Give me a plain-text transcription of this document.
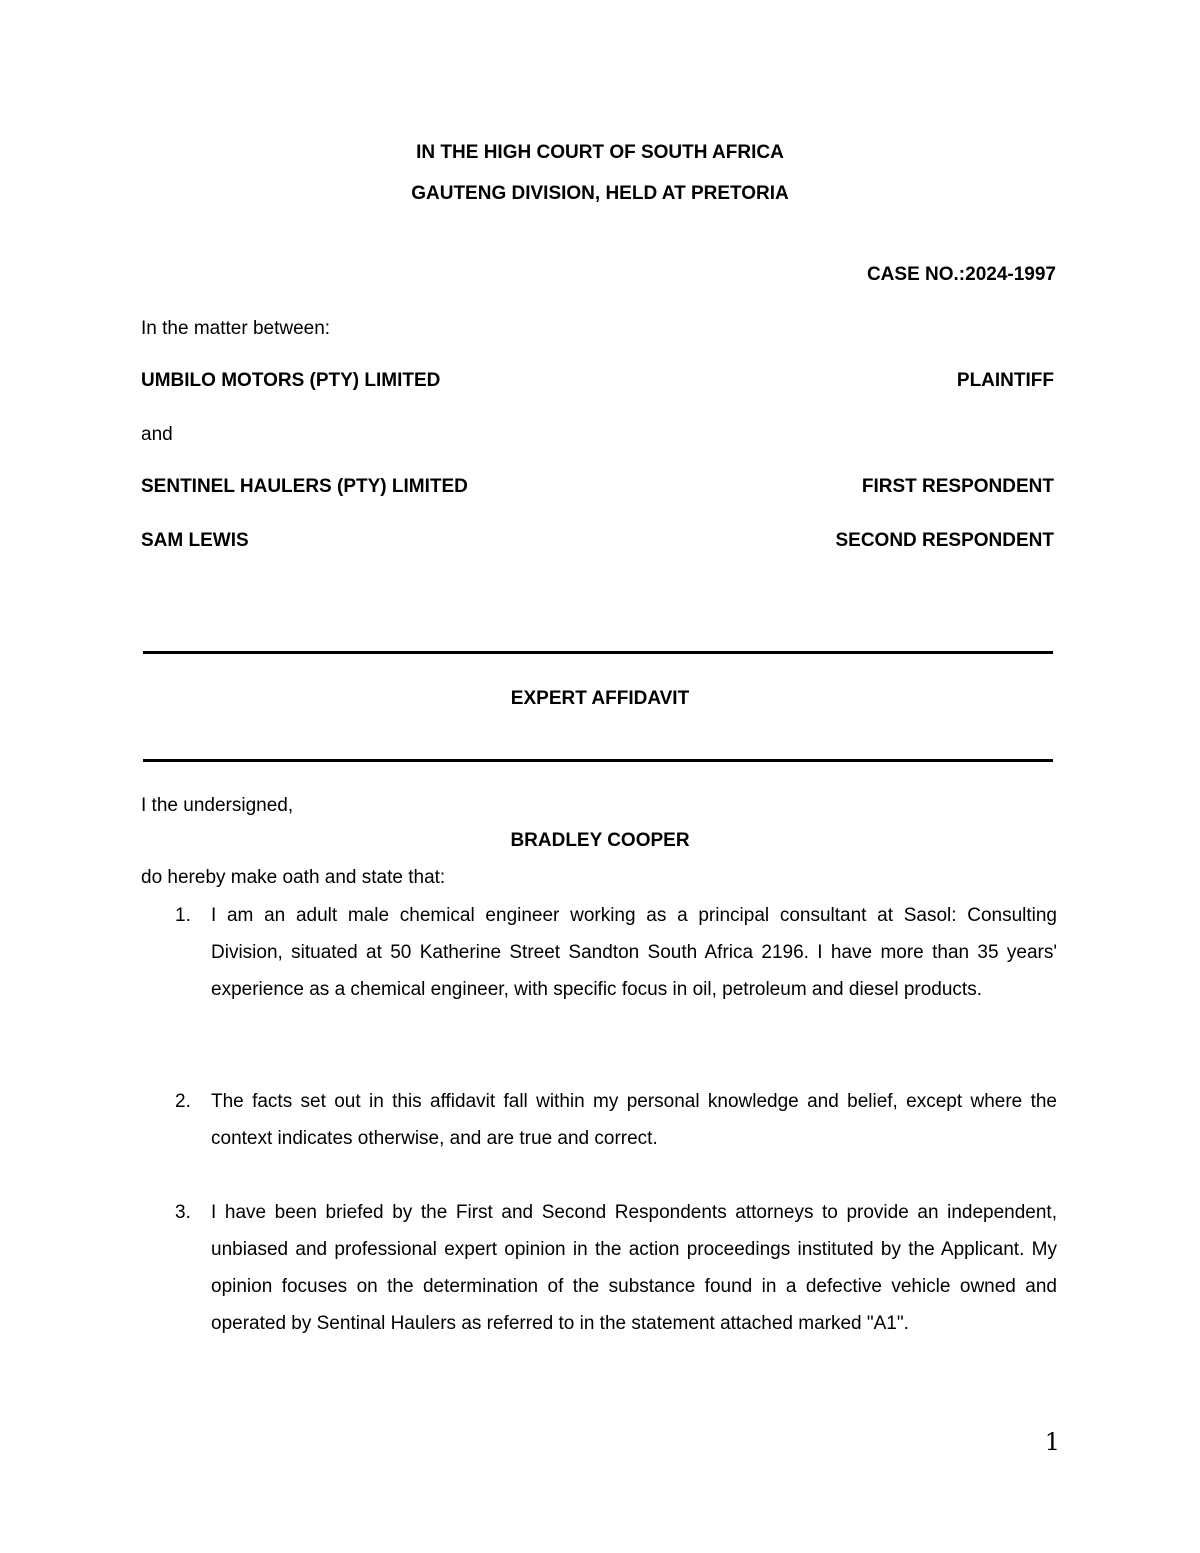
IN THE HIGH COURT OF SOUTH AFRICA
GAUTENG DIVISION, HELD AT PRETORIA
CASE NO.:2024-1997
In the matter between:
UMBILO MOTORS (PTY) LIMITED	PLAINTIFF
and
SENTINEL HAULERS (PTY) LIMITED	FIRST RESPONDENT
SAM LEWIS	SECOND RESPONDENT
EXPERT AFFIDAVIT
I the undersigned,
BRADLEY COOPER
do hereby make oath and state that:
1. I am an adult male chemical engineer working as a principal consultant at Sasol: Consulting Division, situated at 50 Katherine Street Sandton South Africa 2196. I have more than 35 years' experience as a chemical engineer, with specific focus in oil, petroleum and diesel products.
2. The facts set out in this affidavit fall within my personal knowledge and belief, except where the context indicates otherwise, and are true and correct.
3. I have been briefed by the First and Second Respondents attorneys to provide an independent, unbiased and professional expert opinion in the action proceedings instituted by the Applicant. My opinion focuses on the determination of the substance found in a defective vehicle owned and operated by Sentinal Haulers as referred to in the statement attached marked "A1".
1
